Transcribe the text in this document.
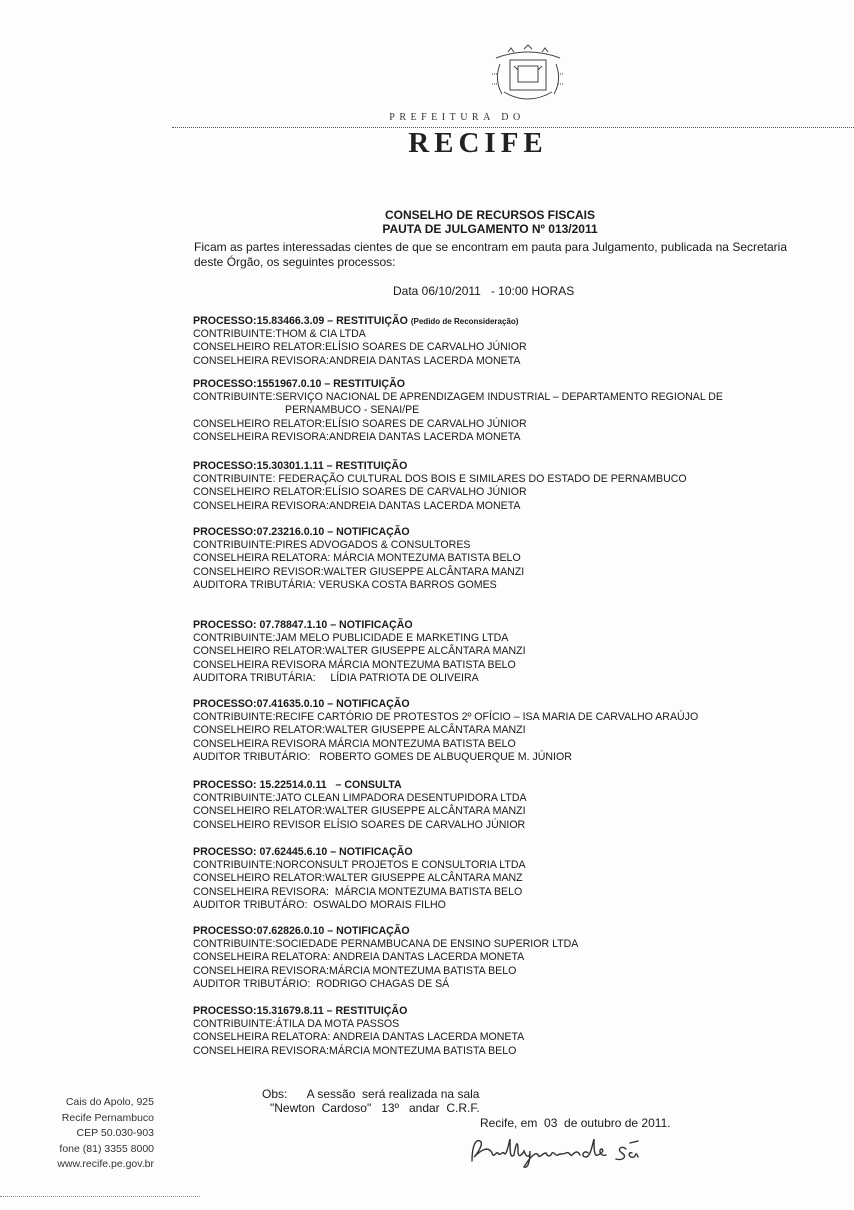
PREFEITURA DO
RECIFE
CONSELHO DE RECURSOS FISCAIS
PAUTA DE JULGAMENTO Nº 013/2011
Ficam as partes interessadas cientes de que se encontram em pauta para Julgamento, publicada na Secretaria deste Órgão, os seguintes processos:
Data 06/10/2011   - 10:00 HORAS
PROCESSO:15.83466.3.09 – RESTITUIÇÃO (Pedido de Reconsideração)
CONTRIBUINTE:THOM & CIA LTDA
CONSELHEIRO RELATOR:ELÍSIO SOARES DE CARVALHO JÚNIOR
CONSELHEIRA REVISORA:ANDREIA DANTAS LACERDA MONETA
PROCESSO:1551967.0.10 – RESTITUIÇÃO
CONTRIBUINTE:SERVIÇO NACIONAL DE APRENDIZAGEM INDUSTRIAL – DEPARTAMENTO REGIONAL DE
PERNAMBUCO - SENAI/PE
CONSELHEIRO RELATOR:ELÍSIO SOARES DE CARVALHO JÚNIOR
CONSELHEIRA REVISORA:ANDREIA DANTAS LACERDA MONETA
PROCESSO:15.30301.1.11 – RESTITUIÇÃO
CONTRIBUINTE: FEDERAÇÃO CULTURAL DOS BOIS E SIMILARES DO ESTADO DE PERNAMBUCO
CONSELHEIRO RELATOR:ELÍSIO SOARES DE CARVALHO JÚNIOR
CONSELHEIRA REVISORA:ANDREIA DANTAS LACERDA MONETA
PROCESSO:07.23216.0.10 – NOTIFICAÇÃO
CONTRIBUINTE:PIRES ADVOGADOS & CONSULTORES
CONSELHEIRA RELATORA: MÁRCIA MONTEZUMA BATISTA BELO
CONSELHEIRO REVISOR:WALTER GIUSEPPE ALCÂNTARA MANZI
AUDITORA TRIBUTÁRIA: VERUSKA COSTA BARROS GOMES
PROCESSO: 07.78847.1.10 – NOTIFICAÇÃO
CONTRIBUINTE:JAM MELO PUBLICIDADE E MARKETING LTDA
CONSELHEIRO RELATOR:WALTER GIUSEPPE ALCÂNTARA MANZI
CONSELHEIRA REVISORA MÁRCIA MONTEZUMA BATISTA BELO
AUDITORA TRIBUTÁRIA:     LÍDIA PATRIOTA DE OLIVEIRA
PROCESSO:07.41635.0.10 – NOTIFICAÇÃO
CONTRIBUINTE:RECIFE CARTÓRIO DE PROTESTOS 2º OFÍCIO – ISA MARIA DE CARVALHO ARAÚJO
CONSELHEIRO RELATOR:WALTER GIUSEPPE ALCÂNTARA MANZI
CONSELHEIRA REVISORA MÁRCIA MONTEZUMA BATISTA BELO
AUDITOR TRIBUTÁRIO:   ROBERTO GOMES DE ALBUQUERQUE M. JÚNIOR
PROCESSO: 15.22514.0.11   – CONSULTA
CONTRIBUINTE:JATO CLEAN LIMPADORA DESENTUPIDORA LTDA
CONSELHEIRO RELATOR:WALTER GIUSEPPE ALCÂNTARA MANZI
CONSELHEIRO REVISOR ELÍSIO SOARES DE CARVALHO JÚNIOR
PROCESSO: 07.62445.6.10 – NOTIFICAÇÃO
CONTRIBUINTE:NORCONSULT PROJETOS E CONSULTORIA LTDA
CONSELHEIRO RELATOR:WALTER GIUSEPPE ALCÂNTARA MANZ
CONSELHEIRA REVISORA:  MÁRCIA MONTEZUMA BATISTA BELO
AUDITOR TRIBUTÁRO:  OSWALDO MORAIS FILHO
PROCESSO:07.62826.0.10 – NOTIFICAÇÃO
CONTRIBUINTE:SOCIEDADE PERNAMBUCANA DE ENSINO SUPERIOR LTDA
CONSELHEIRA RELATORA: ANDREIA DANTAS LACERDA MONETA
CONSELHEIRA REVISORA:MÁRCIA MONTEZUMA BATISTA BELO
AUDITOR TRIBUTÁRIO:  RODRIGO CHAGAS DE SÁ
PROCESSO:15.31679.8.11 – RESTITUIÇÃO
CONTRIBUINTE:ÁTILA DA MOTA PASSOS
CONSELHEIRA RELATORA: ANDREIA DANTAS LACERDA MONETA
CONSELHEIRA REVISORA:MÁRCIA MONTEZUMA BATISTA BELO
Cais do Apolo, 925
Recife Pernambuco
CEP 50.030-903
fone (81) 3355 8000
www.recife.pe.gov.br
Obs:      A sessão  será realizada na sala
"Newton  Cardoso"   13º   andar  C.R.F.
Recife, em  03  de outubro de 2011.
